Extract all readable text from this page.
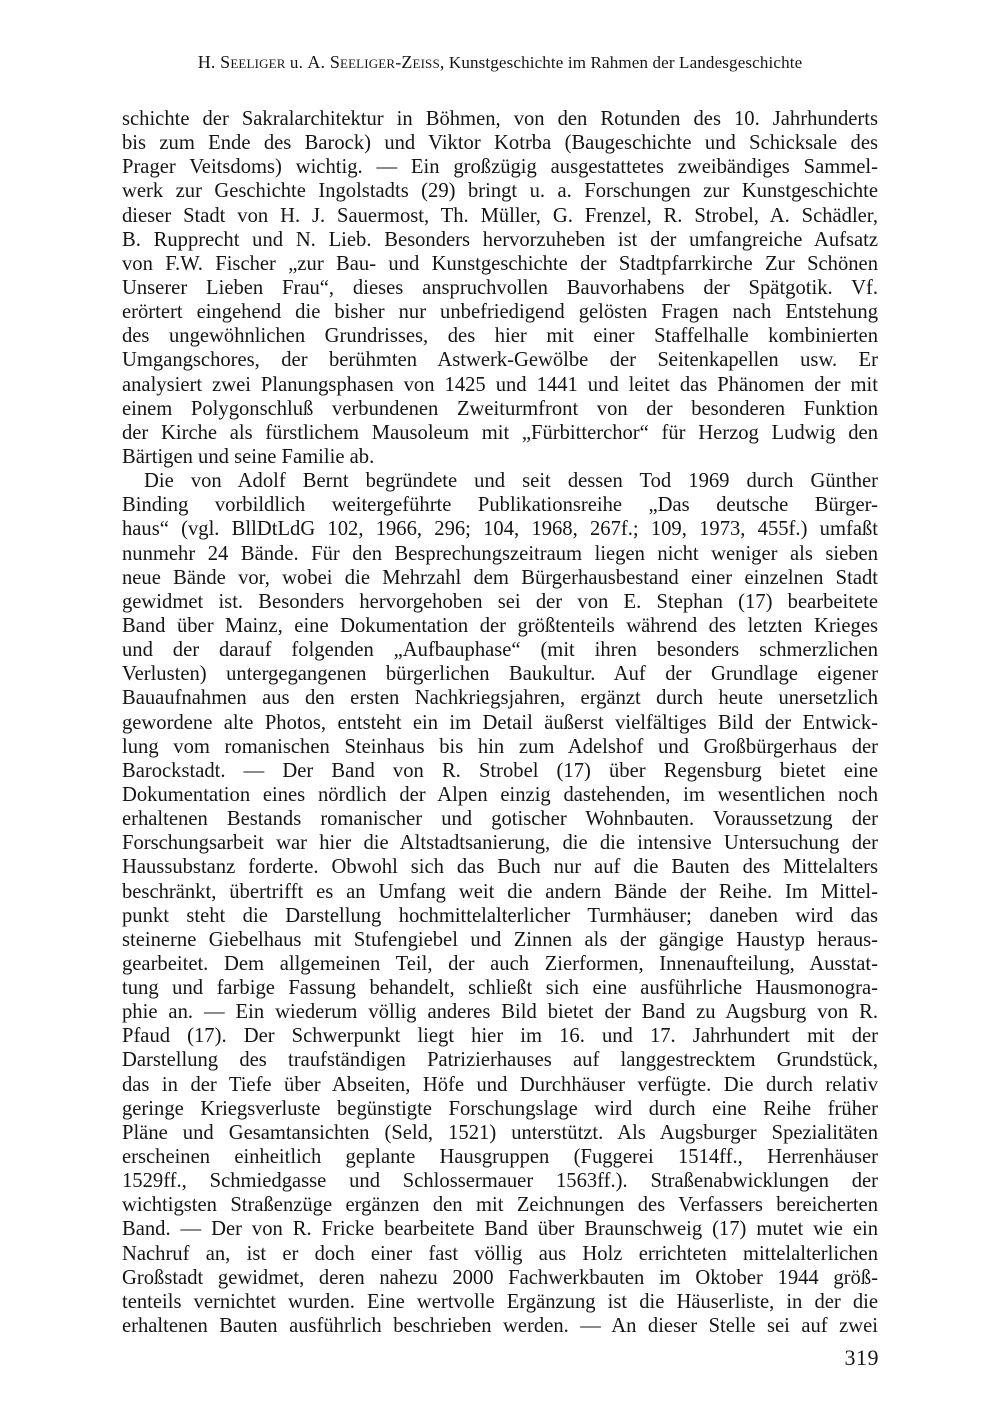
H. Seeliger u. A. Seeliger-Zeiss, Kunstgeschichte im Rahmen der Landesgeschichte
schichte der Sakralarchitektur in Böhmen, von den Rotunden des 10. Jahrhunderts
bis zum Ende des Barock) und Viktor Kotrba (Baugeschichte und Schicksale des
Prager Veitsdoms) wichtig. — Ein großzügig ausgestattetes zweibändiges Sammel-
werk zur Geschichte Ingolstadts (29) bringt u. a. Forschungen zur Kunstgeschichte
dieser Stadt von H. J. Sauermost, Th. Müller, G. Frenzel, R. Strobel, A. Schädler,
B. Rupprecht und N. Lieb. Besonders hervorzuheben ist der umfangreiche Aufsatz
von F.W. Fischer „zur Bau- und Kunstgeschichte der Stadtpfarrkirche Zur Schönen
Unserer Lieben Frau“, dieses anspruchvollen Bauvorhabens der Spätgotik. Vf.
erörtert eingehend die bisher nur unbefriedigend gelösten Fragen nach Entstehung
des ungewöhnlichen Grundrisses, des hier mit einer Staffelhalle kombinierten
Umgangschores, der berühmten Astwerk-Gewölbe der Seitenkapellen usw. Er
analysiert zwei Planungsphasen von 1425 und 1441 und leitet das Phänomen der mit
einem Polygonschluß verbundenen Zweiturmfront von der besonderen Funktion
der Kirche als fürstlichem Mausoleum mit „Fürbitterchor“ für Herzog Ludwig den
Bärtigen und seine Familie ab.
Die von Adolf Bernt begründete und seit dessen Tod 1969 durch Günther
Binding vorbildlich weitergeführte Publikationsreihe „Das deutsche Bürger-
haus“ (vgl. BllDtLdG 102, 1966, 296; 104, 1968, 267f.; 109, 1973, 455f.) umfaßt
nunmehr 24 Bände. Für den Besprechungszeitraum liegen nicht weniger als sieben
neue Bände vor, wobei die Mehrzahl dem Bürgerhausbestand einer einzelnen Stadt
gewidmet ist. Besonders hervorgehoben sei der von E. Stephan (17) bearbeitete
Band über Mainz, eine Dokumentation der größtenteils während des letzten Krieges
und der darauf folgenden „Aufbauphase“ (mit ihren besonders schmerzlichen
Verlusten) untergegangenen bürgerlichen Baukultur. Auf der Grundlage eigener
Bauaufnahmen aus den ersten Nachkriegsjahren, ergänzt durch heute unersetzlich
gewordene alte Photos, entsteht ein im Detail äußerst vielfältiges Bild der Entwick-
lung vom romanischen Steinhaus bis hin zum Adelshof und Großbürgerhaus der
Barockstadt. — Der Band von R. Strobel (17) über Regensburg bietet eine
Dokumentation eines nördlich der Alpen einzig dastehenden, im wesentlichen noch
erhaltenen Bestands romanischer und gotischer Wohnbauten. Voraussetzung der
Forschungsarbeit war hier die Altstadtsanierung, die die intensive Untersuchung der
Haussubstanz forderte. Obwohl sich das Buch nur auf die Bauten des Mittelalters
beschränkt, übertrifft es an Umfang weit die andern Bände der Reihe. Im Mittel-
punkt steht die Darstellung hochmittelalterlicher Turmhäuser; daneben wird das
steinerne Giebelhaus mit Stufengiebel und Zinnen als der gängige Haustyp heraus-
gearbeitet. Dem allgemeinen Teil, der auch Zierformen, Innenaufteilung, Ausstat-
tung und farbige Fassung behandelt, schließt sich eine ausführliche Hausmonogra-
phie an. — Ein wiederum völlig anderes Bild bietet der Band zu Augsburg von R.
Pfaud (17). Der Schwerpunkt liegt hier im 16. und 17. Jahrhundert mit der
Darstellung des traufständigen Patrizierhauses auf langgestrecktem Grundstück,
das in der Tiefe über Abseiten, Höfe und Durchhäuser verfügte. Die durch relativ
geringe Kriegsverluste begünstigte Forschungslage wird durch eine Reihe früher
Pläne und Gesamtansichten (Seld, 1521) unterstützt. Als Augsburger Spezialitäten
erscheinen einheitlich geplante Hausgruppen (Fuggerei 1514ff., Herrenhäuser
1529ff., Schmiedgasse und Schlossermauer 1563ff.). Straßenabwicklungen der
wichtigsten Straßenzüge ergänzen den mit Zeichnungen des Verfassers bereicherten
Band. — Der von R. Fricke bearbeitete Band über Braunschweig (17) mutet wie ein
Nachruf an, ist er doch einer fast völlig aus Holz errichteten mittelalterlichen
Großstadt gewidmet, deren nahezu 2000 Fachwerkbauten im Oktober 1944 größ-
tenteils vernichtet wurden. Eine wertvolle Ergänzung ist die Häuserliste, in der die
erhaltenen Bauten ausführlich beschrieben werden. — An dieser Stelle sei auf zwei
319
